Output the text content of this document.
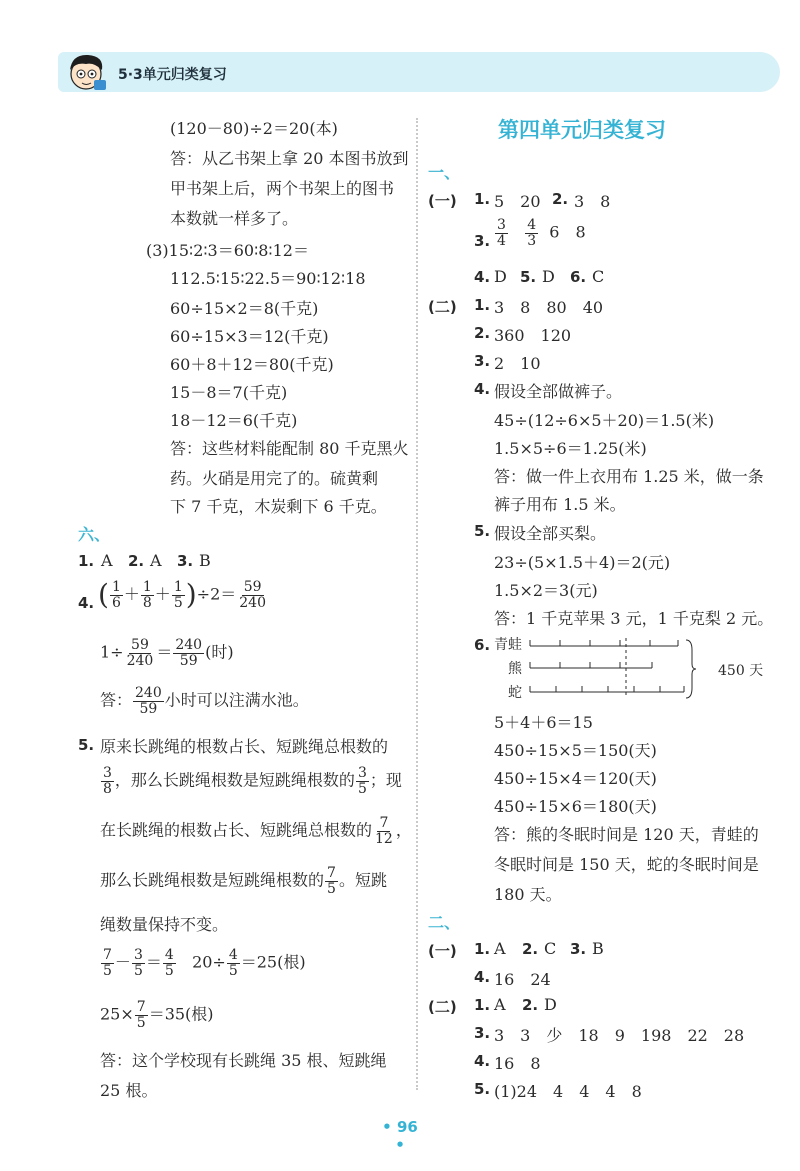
5·3单元归类复习
(120－80)÷2＝20(本)
答：从乙书架上拿 20 本图书放到
甲书架上后，两个书架上的图书
本数就一样多了。
(3)15∶2∶3＝60∶8∶12＝
112.5∶15∶22.5＝90∶12∶18
60÷15×2＝8(千克)
60÷15×3＝12(千克)
60＋8＋12＝80(千克)
15－8＝7(千克)
18－12＝6(千克)
答：这些材料能配制 80 千克黑火
药。火硝是用完了的。硫黄剩
下 7 千克，木炭剩下 6 千克。
六、
1. A 2. A 3. B
4. ( $\frac{1}{6} + \frac{1}{8} + \frac{1}{5} )\div 2= \frac{59}{240}$
$1\div \frac{59}{240} = \frac{240}{59}$ (时)
答： $\frac{240}{59}$ 小时可以注满水池。
5. 原来长跳绳的根数占长、短跳绳总根数的
$\frac{3}{8}$ ，那么长跳绳根数是短跳绳根数的 $\frac{3}{5}$ ；现
在长跳绳的根数占长、短跳绳总根数的 $\frac{7}{12}$ ，
那么长跳绳根数是短跳绳根数的 $\frac{7}{5}$ 。短跳
绳数量保持不变。
$\frac{7}{5} - \frac{3}{5} = \frac{4}{5} 20\div \frac{4}{5} =25$(根)
$25\times \frac{7}{5} =35$(根)
答：这个学校现有长跳绳 35 根、短跳绳
25 根。
第四单元归类复习
一、
(一) 1. 5　20 2. 3　8
3. $\frac{3}{4}$
$\frac{4}{3} 6$　8
4. D 5. D 6. C
(二) 1. 3　8　80　40
2. 360　120
3. 2　10
4. 假设全部做裤子。
45÷(12÷6×5＋20)＝1.5(米)
1.5×5÷6＝1.25(米)
答：做一件上衣用布 1.25 米，做一条
裤子用布 1.5 米。
5. 假设全部买梨。
23÷(5×1.5＋4)＝2(元)
1.5×2＝3(元)
答：1 千克苹果 3 元，1 千克梨 2 元。
6. 青蛙
熊
蛇
450 天
5＋4＋6＝15
450÷15×5＝150(天)
450÷15×4＝120(天)
450÷15×6＝180(天)
答：熊的冬眠时间是 120 天，青蛙的
冬眠时间是 150 天，蛇的冬眠时间是
180 天。
二、
(一) 1. A 2. C 3. B
4. 16　24
(二) 1. A 2. D
3. 3　3　少　18　9　198　22　28
4. 16　8
5. (1)24　4　4　4　8
• 96 •
